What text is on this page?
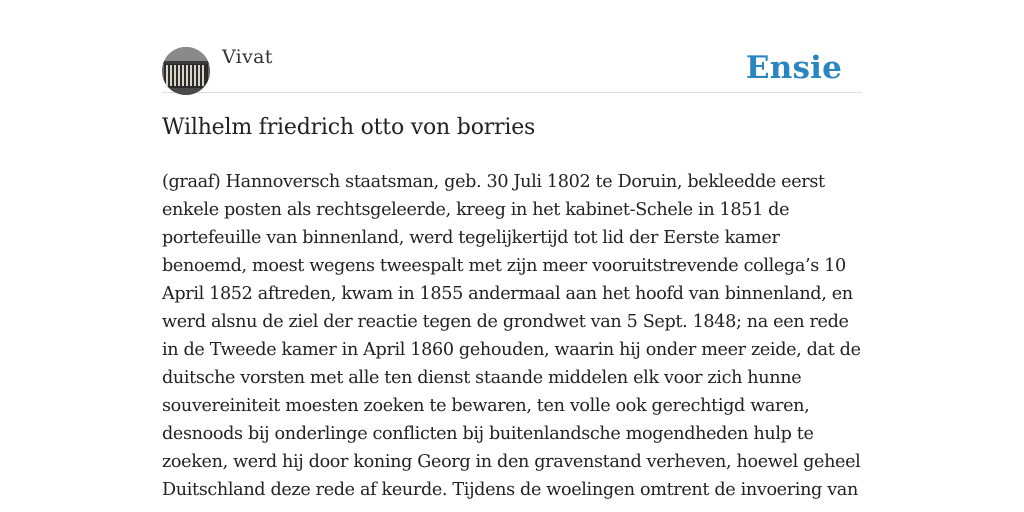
Vivat	Ensie
Wilhelm friedrich otto von borries

(graaf) Hannoversch staatsman, geb. 30 Juli 1802 te Doruin, bekleedde eerst enkele posten als rechtsgeleerde, kreeg in het kabinet-Schele in 1851 de portefeuille van binnenland, werd tegelijkertijd tot lid der Eerste kamer benoemd, moest wegens tweespalt met zijn meer vooruitstrevende collega’s 10 April 1852 aftreden, kwam in 1855 andermaal aan het hoofd van binnenland, en werd alsnu de ziel der reactie tegen de grondwet van 5 Sept. 1848; na een rede in de Tweede kamer in April 1860 gehouden, waarin hij onder meer zeide, dat de duitsche vorsten met alle ten dienst staande middelen elk voor zich hunne souvereiniteit moesten zoeken te bewaren, ten volle ook gerechtigd waren, desnoods bij onderlinge conflicten bij buitenlandsche mogendheden hulp te zoeken, werd hij door koning Georg in den gravenstand verheven, hoewel geheel Duitschland deze rede af keurde. Tijdens de woelingen omtrent de invoering van
